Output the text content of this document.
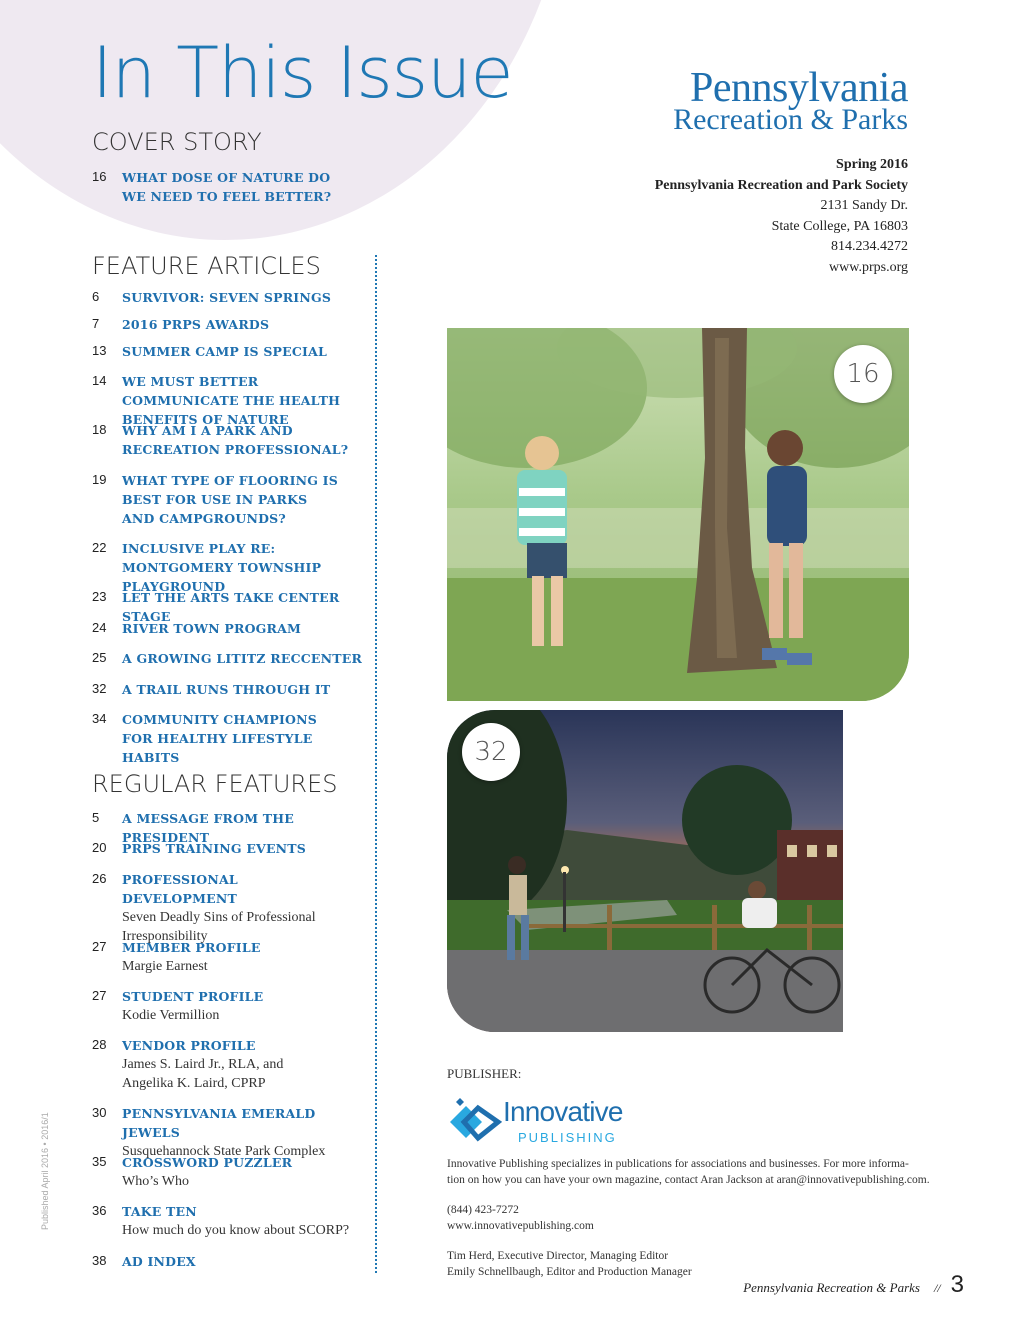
In This Issue
COVER STORY
16	WHAT DOSE OF NATURE DO WE NEED TO FEEL BETTER?
FEATURE ARTICLES
6	SURVIVOR: SEVEN SPRINGS
7	2016 PRPS AWARDS
13	SUMMER CAMP IS SPECIAL
14	WE MUST BETTER COMMUNICATE THE HEALTH BENEFITS OF NATURE
18	WHY AM I A PARK AND RECREATION PROFESSIONAL?
19	WHAT TYPE OF FLOORING IS BEST FOR USE IN PARKS AND CAMPGROUNDS?
22	INCLUSIVE PLAY RE: MONTGOMERY TOWNSHIP PLAYGROUND
23	LET THE ARTS TAKE CENTER STAGE
24	RIVER TOWN PROGRAM
25	A GROWING LITITZ RECCENTER
32	A TRAIL RUNS THROUGH IT
34	COMMUNITY CHAMPIONS FOR HEALTHY LIFESTYLE HABITS
REGULAR FEATURES
5	A MESSAGE FROM THE PRESIDENT
20	PRPS TRAINING EVENTS
26	PROFESSIONAL DEVELOPMENT
Seven Deadly Sins of Professional Irresponsibility
27	MEMBER PROFILE
Margie Earnest
27	STUDENT PROFILE
Kodie Vermillion
28	VENDOR PROFILE
James S. Laird Jr., RLA, and Angelika K. Laird, CPRP
30	PENNSYLVANIA EMERALD JEWELS
Susquehannock State Park Complex
35	CROSSWORD PUZZLER
Who’s Who
36	TAKE TEN
How much do you know about SCORP?
38	AD INDEX
Pennsylvania
Recreation & Parks
Spring 2016
Pennsylvania Recreation and Park Society
2131 Sandy Dr.
State College, PA 16803
814.234.4272
www.prps.org
16
32
PUBLISHER:
Innovative
PUBLISHING
Innovative Publishing specializes in publications for associations and businesses. For more informa-
tion on how you can have your own magazine, contact Aran Jackson at aran@innovativepublishing.com.
(844) 423-7272
www.innovativepublishing.com
Tim Herd, Executive Director, Managing Editor
Emily Schnellbaugh, Editor and Production Manager
Published April 2016 • 2016/1
Pennsylvania Recreation & Parks // 3
